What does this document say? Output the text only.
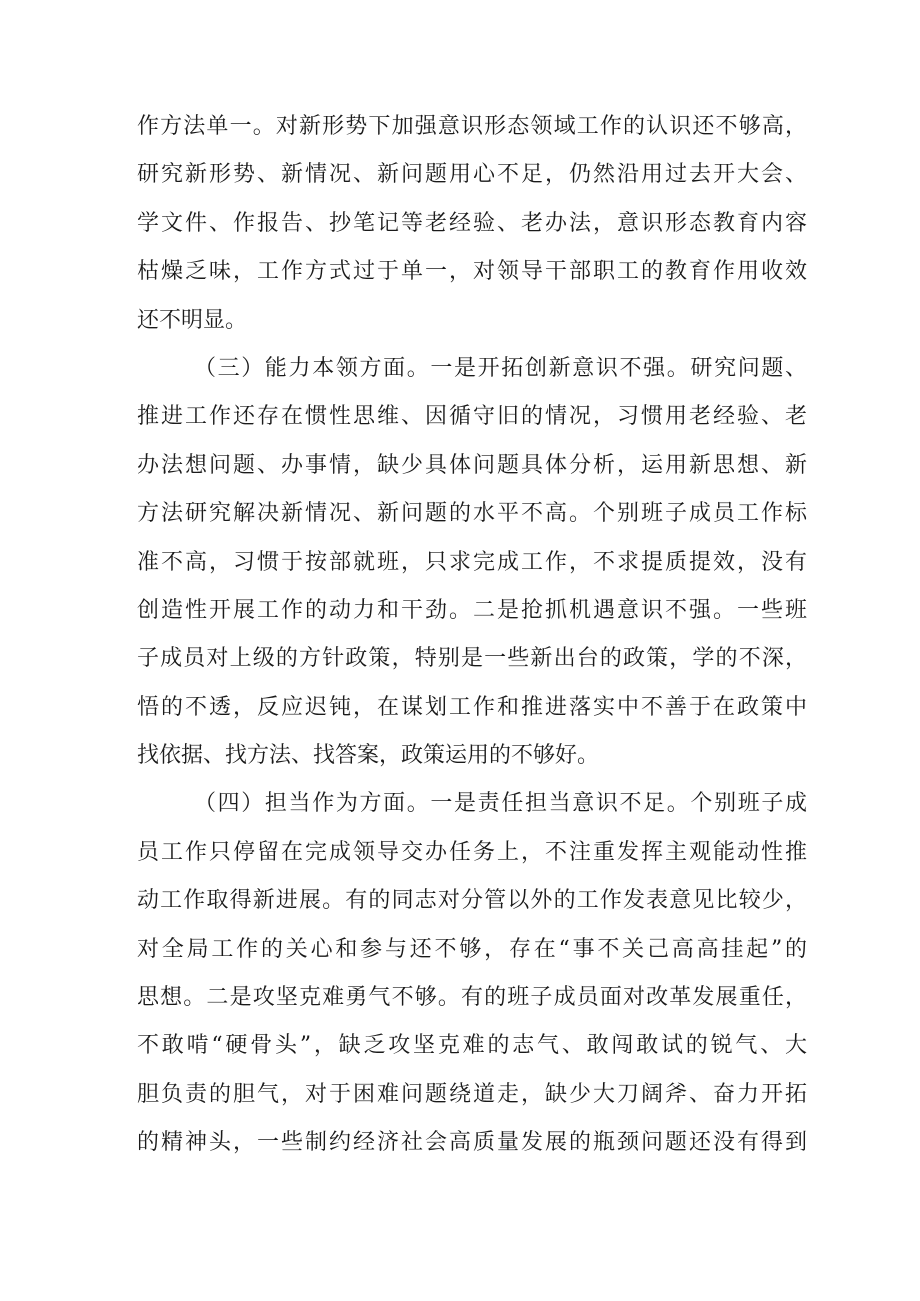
作方法单一。对新形势下加强意识形态领域工作的认识还不够高，
研究新形势、新情况、新问题用心不足，仍然沿用过去开大会、
学文件、作报告、抄笔记等老经验、老办法，意识形态教育内容
枯燥乏味，工作方式过于单一，对领导干部职工的教育作用收效
还不明显。
（三）能力本领方面。一是开拓创新意识不强。研究问题、
推进工作还存在惯性思维、因循守旧的情况，习惯用老经验、老
办法想问题、办事情，缺少具体问题具体分析，运用新思想、新
方法研究解决新情况、新问题的水平不高。个别班子成员工作标
准不高，习惯于按部就班，只求完成工作，不求提质提效，没有
创造性开展工作的动力和干劲。二是抢抓机遇意识不强。一些班
子成员对上级的方针政策，特别是一些新出台的政策，学的不深，
悟的不透，反应迟钝，在谋划工作和推进落实中不善于在政策中
找依据、找方法、找答案，政策运用的不够好。
（四）担当作为方面。一是责任担当意识不足。个别班子成
员工作只停留在完成领导交办任务上，不注重发挥主观能动性推
动工作取得新进展。有的同志对分管以外的工作发表意见比较少，
对全局工作的关心和参与还不够，存在“事不关己高高挂起”的
思想。二是攻坚克难勇气不够。有的班子成员面对改革发展重任，
不敢啃“硬骨头”，缺乏攻坚克难的志气、敢闯敢试的锐气、大
胆负责的胆气，对于困难问题绕道走，缺少大刀阔斧、奋力开拓
的精神头，一些制约经济社会高质量发展的瓶颈问题还没有得到
